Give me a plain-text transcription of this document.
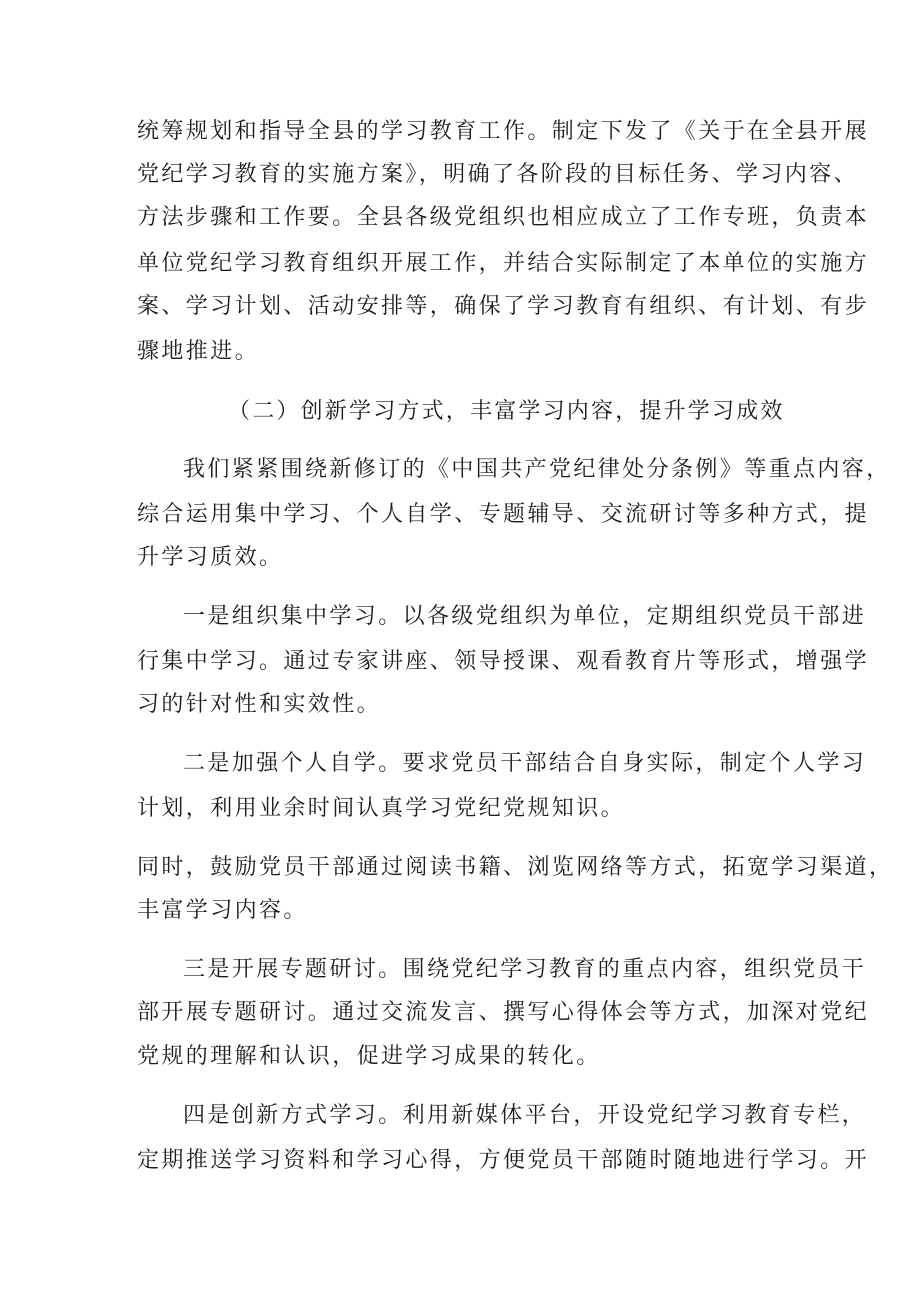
统筹规划和指导全县的学习教育工作。制定下发了《关于在全县开展
党纪学习教育的实施方案》，明确了各阶段的目标任务、学习内容、
方法步骤和工作要。全县各级党组织也相应成立了工作专班，负责本
单位党纪学习教育组织开展工作，并结合实际制定了本单位的实施方
案、学习计划、活动安排等，确保了学习教育有组织、有计划、有步
骤地推进。
（二）创新学习方式，丰富学习内容，提升学习成效
我们紧紧围绕新修订的《中国共产党纪律处分条例》等重点内容，
综合运用集中学习、个人自学、专题辅导、交流研讨等多种方式，提
升学习质效。
一是组织集中学习。以各级党组织为单位，定期组织党员干部进
行集中学习。通过专家讲座、领导授课、观看教育片等形式，增强学
习的针对性和实效性。
二是加强个人自学。要求党员干部结合自身实际，制定个人学习
计划，利用业余时间认真学习党纪党规知识。
同时，鼓励党员干部通过阅读书籍、浏览网络等方式，拓宽学习渠道，
丰富学习内容。
三是开展专题研讨。围绕党纪学习教育的重点内容，组织党员干
部开展专题研讨。通过交流发言、撰写心得体会等方式，加深对党纪
党规的理解和认识，促进学习成果的转化。
四是创新方式学习。利用新媒体平台，开设党纪学习教育专栏，
定期推送学习资料和学习心得，方便党员干部随时随地进行学习。开
